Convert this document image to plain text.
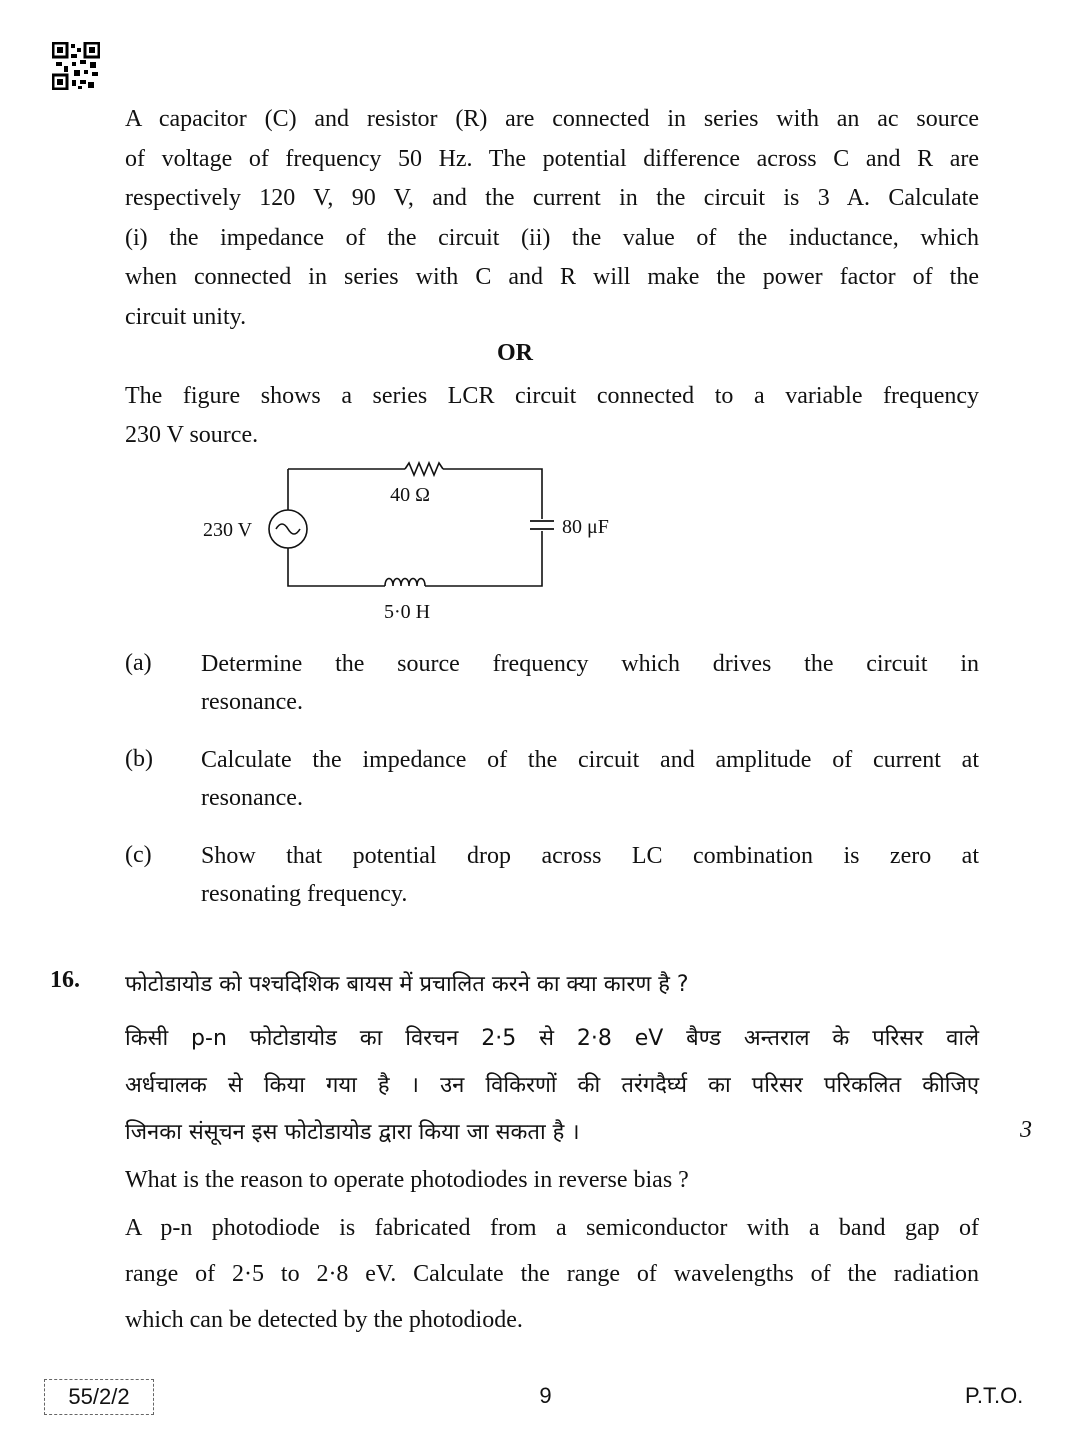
A capacitor (C) and resistor (R) are connected in series with an ac source
of voltage of frequency 50 Hz. The potential difference across C and R are
respectively 120 V, 90 V, and the current in the circuit is 3 A. Calculate
(i) the impedance of the circuit (ii) the value of the inductance, which
when connected in series with C and R will make the power factor of the
circuit unity.
OR
The figure shows a series LCR circuit connected to a variable frequency
230 V source.
40 Ω
80 μF
230 V
5·0 H
(a) Determine the source frequency which drives the circuit in
resonance.
(b) Calculate the impedance of the circuit and amplitude of current at
resonance.
(c) Show that potential drop across LC combination is zero at
resonating frequency.
16. फोटोडायोड को पश्चदिशिक बायस में प्रचालित करने का क्या कारण है ?
किसी p-n फोटोडायोड का विरचन 2·5 से 2·8 eV बैण्ड अन्तराल के परिसर वाले
अर्धचालक से किया गया है । उन विकिरणों की तरंगदैर्घ्य का परिसर परिकलित कीजिए
जिनका संसूचन इस फोटोडायोड द्वारा किया जा सकता है ।	3
What is the reason to operate photodiodes in reverse bias ?
A p-n photodiode is fabricated from a semiconductor with a band gap of
range of 2·5 to 2·8 eV. Calculate the range of wavelengths of the radiation
which can be detected by the photodiode.
55/2/2	9	P.T.O.
